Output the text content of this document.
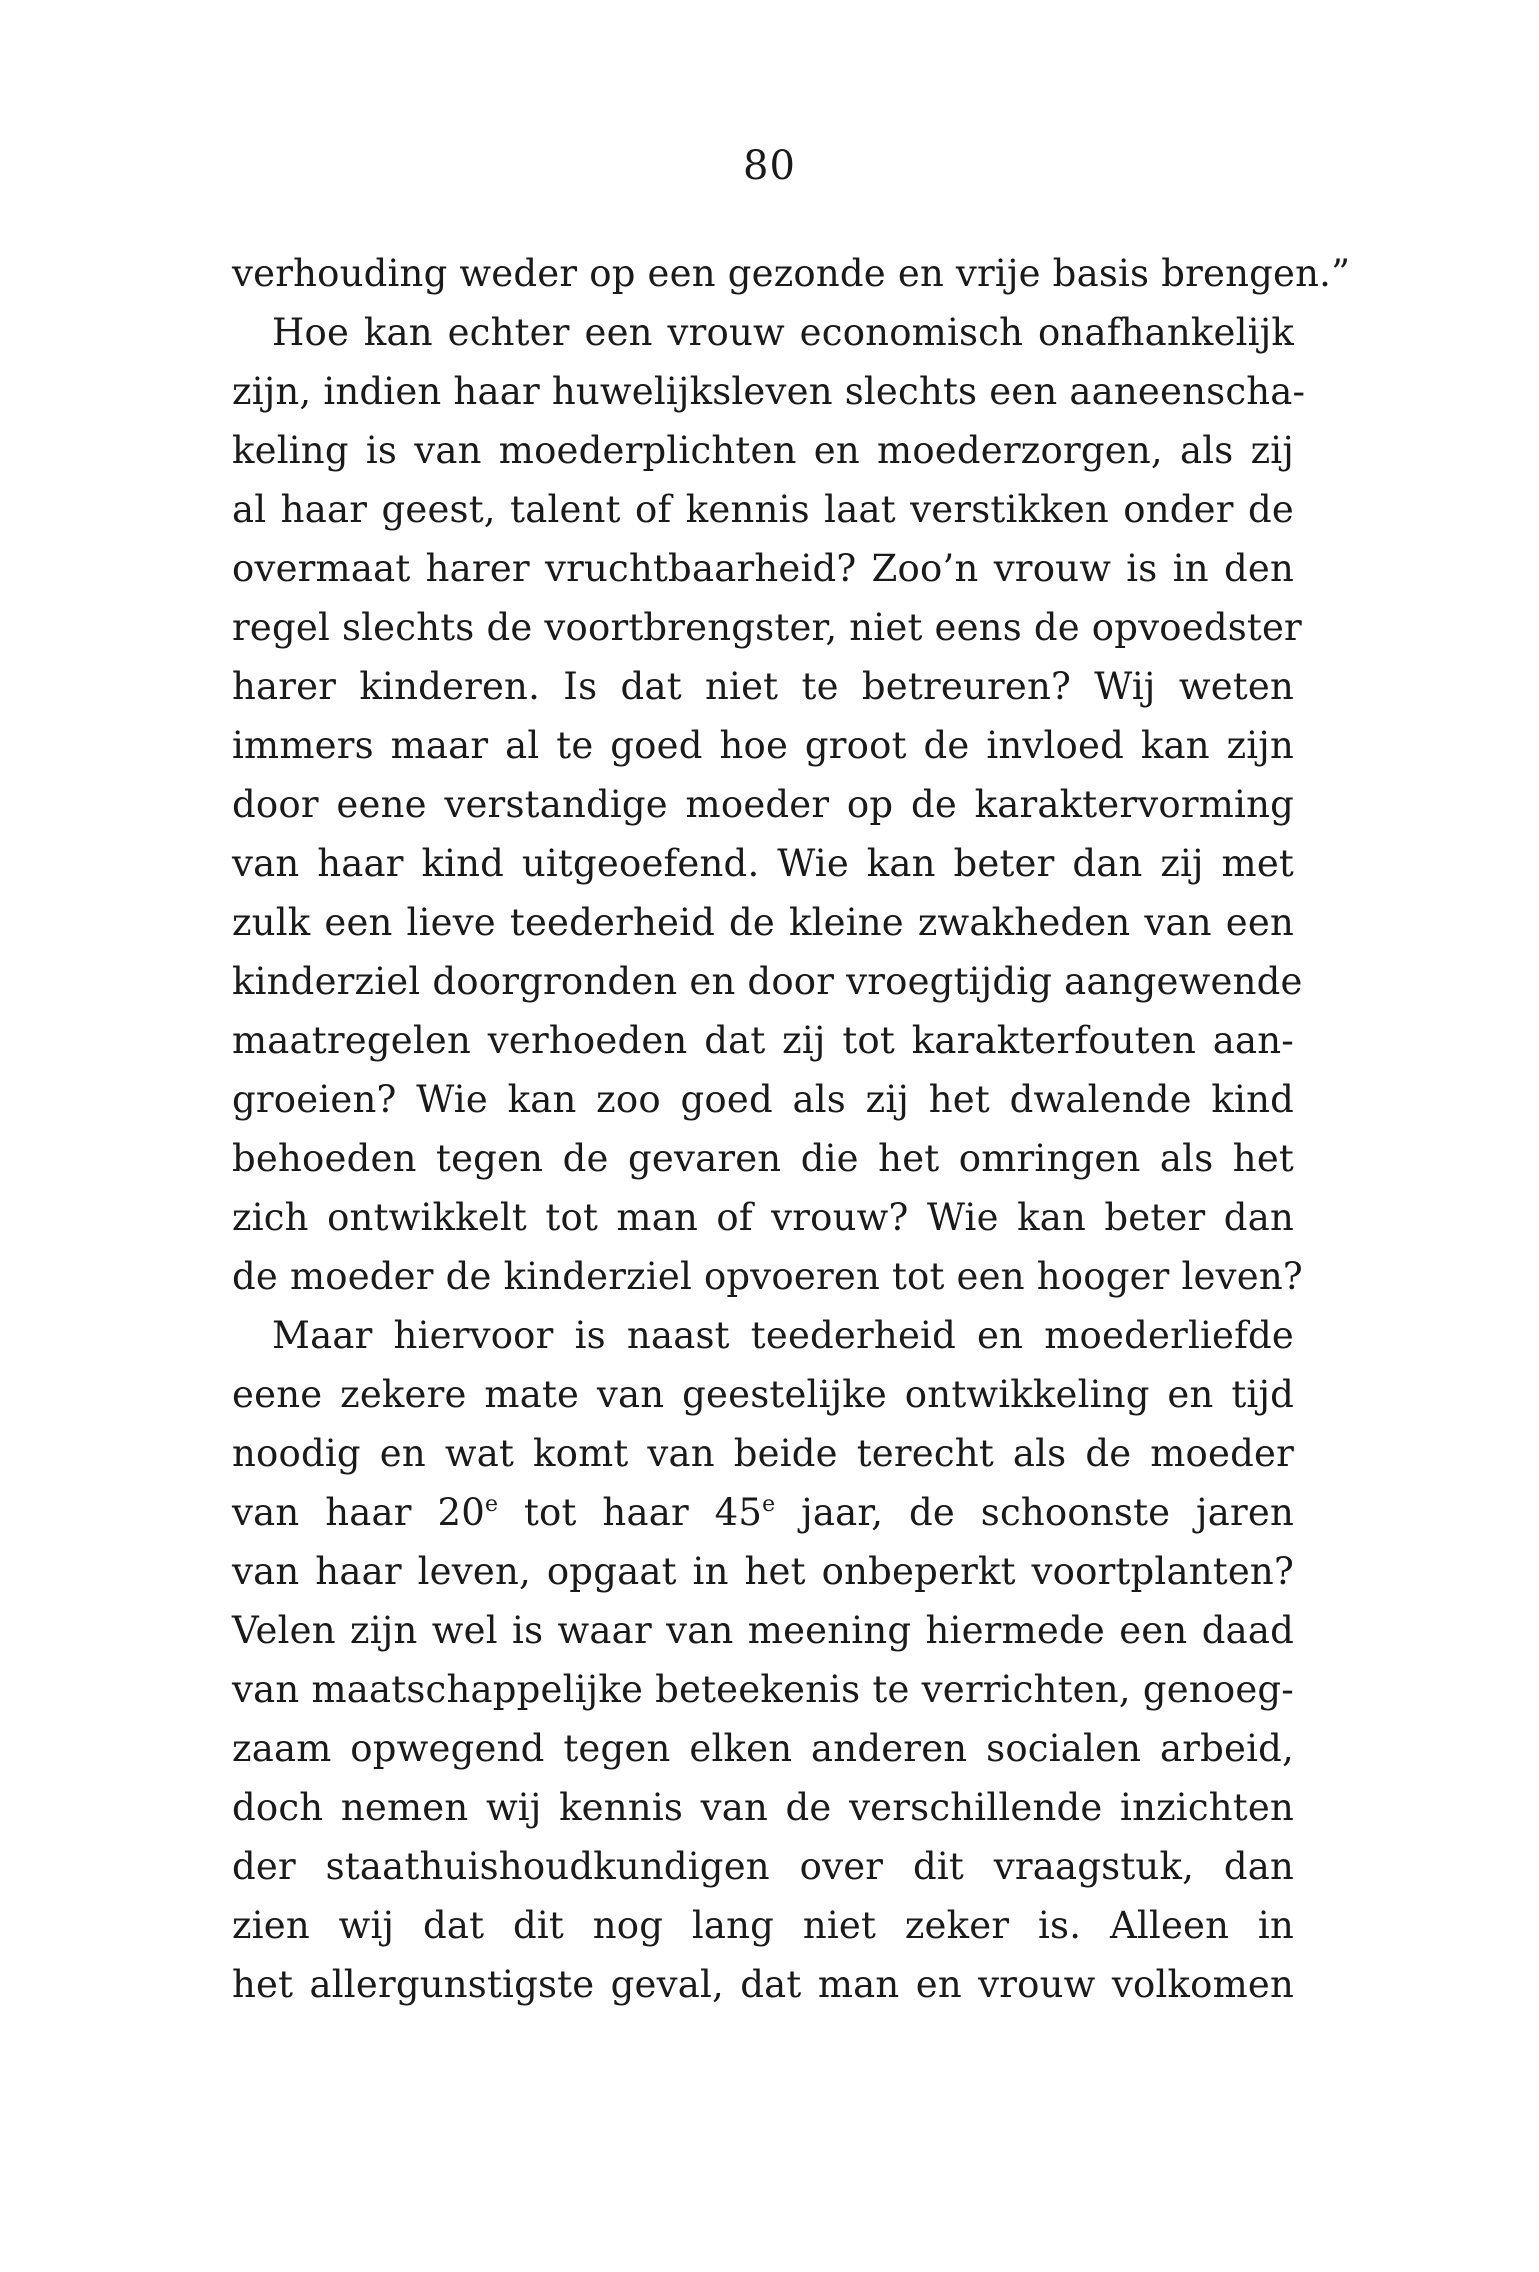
80
verhouding weder op een gezonde en vrije basis brengen.”
Hoe kan echter een vrouw economisch onafhankelijk
zijn, indien haar huwelijksleven slechts een aaneenscha-
keling is van moederplichten en moederzorgen, als zij
al haar geest, talent of kennis laat verstikken onder de
overmaat harer vruchtbaarheid? Zoo’n vrouw is in den
regel slechts de voortbrengster, niet eens de opvoedster
harer kinderen. Is dat niet te betreuren? Wij weten
immers maar al te goed hoe groot de invloed kan zijn
door eene verstandige moeder op de karaktervorming
van haar kind uitgeoefend. Wie kan beter dan zij met
zulk een lieve teederheid de kleine zwakheden van een
kinderziel doorgronden en door vroegtijdig aangewende
maatregelen verhoeden dat zij tot karakterfouten aan-
groeien? Wie kan zoo goed als zij het dwalende kind
behoeden tegen de gevaren die het omringen als het
zich ontwikkelt tot man of vrouw? Wie kan beter dan
de moeder de kinderziel opvoeren tot een hooger leven?
Maar hiervoor is naast teederheid en moederliefde
eene zekere mate van geestelijke ontwikkeling en tijd
noodig en wat komt van beide terecht als de moeder
van haar 20e tot haar 45e jaar, de schoonste jaren
van haar leven, opgaat in het onbeperkt voortplanten?
Velen zijn wel is waar van meening hiermede een daad
van maatschappelijke beteekenis te verrichten, genoeg-
zaam opwegend tegen elken anderen socialen arbeid,
doch nemen wij kennis van de verschillende inzichten
der staathuishoudkundigen over dit vraagstuk, dan
zien wij dat dit nog lang niet zeker is. Alleen in
het allergunstigste geval, dat man en vrouw volkomen
